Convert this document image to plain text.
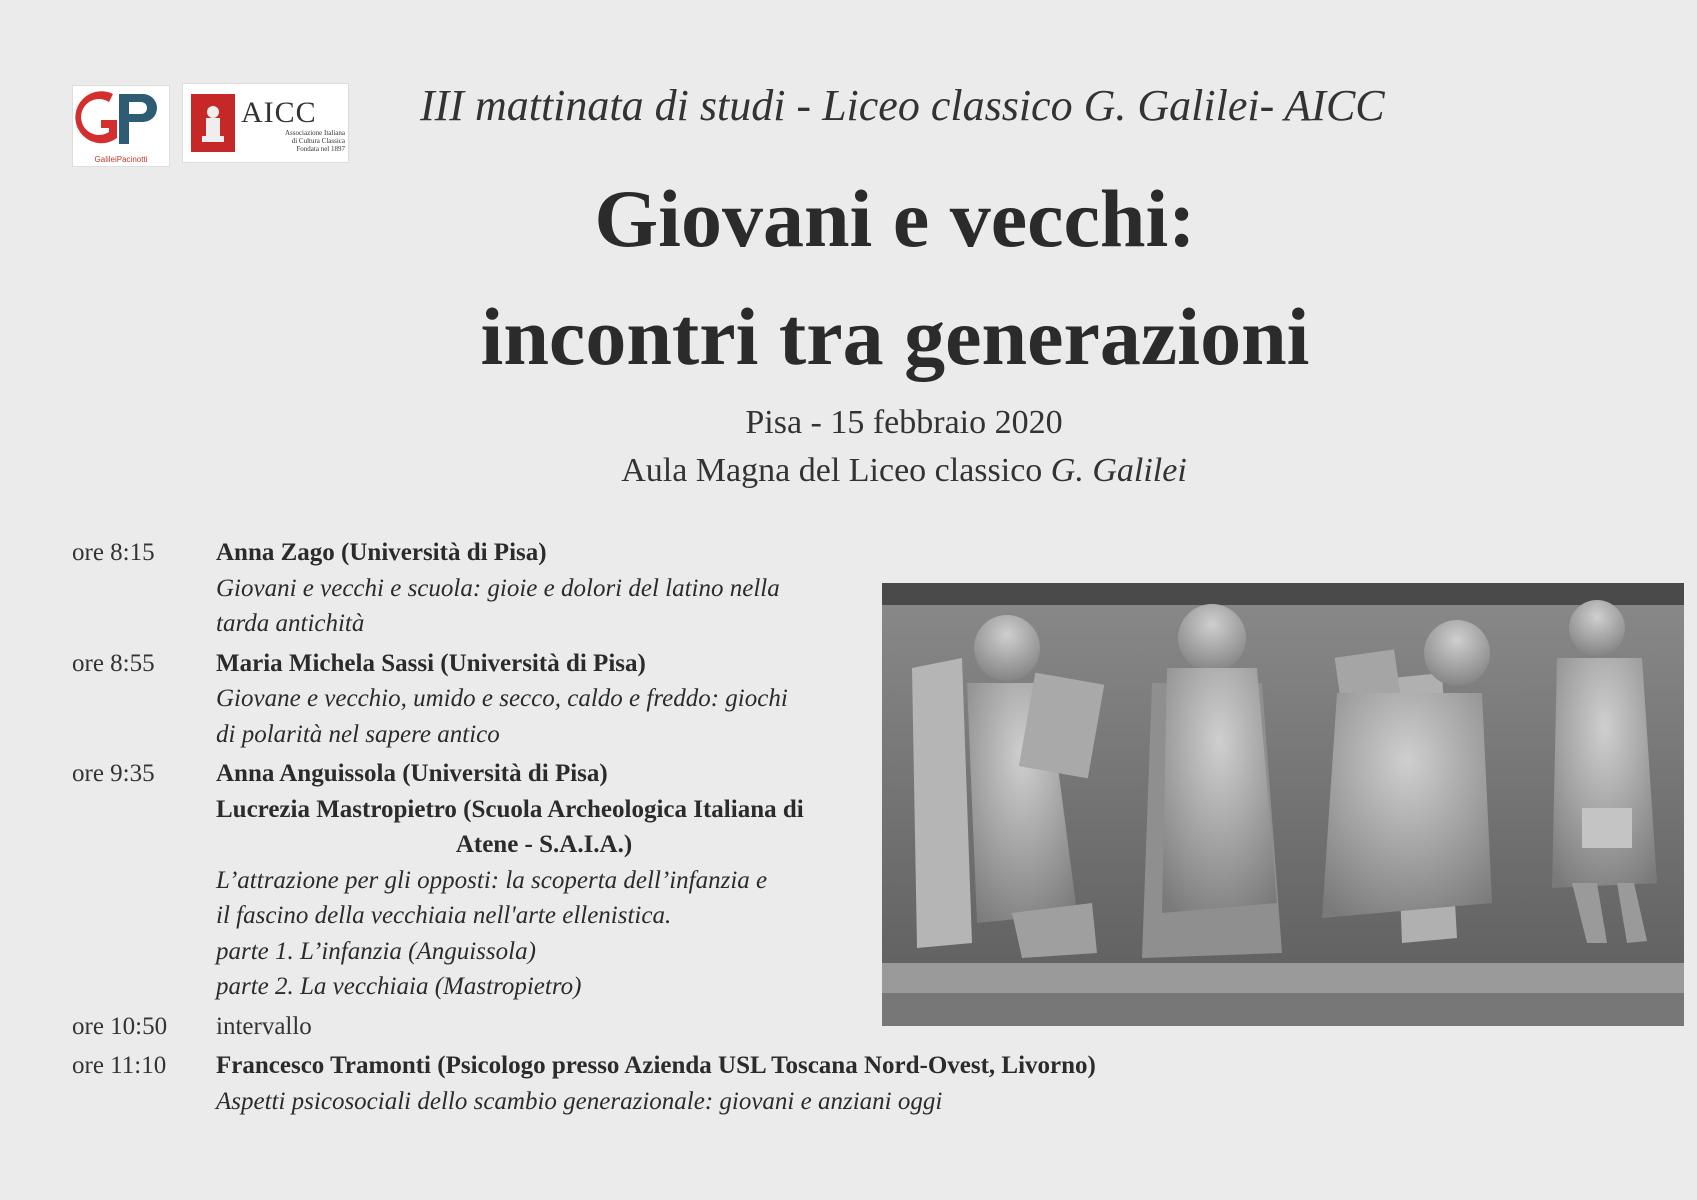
GalileiPacinotti
AICC
Associazione Italiana
di Cultura Classica
Fondata nel 1897
III mattinata di studi - Liceo classico G. Galilei- AICC
Giovani e vecchi:
incontri tra generazioni
Pisa - 15 febbraio 2020
Aula Magna del Liceo classico G. Galilei
ore 8:15	Anna Zago (Università di Pisa)
Giovani e vecchi e scuola: gioie e dolori del latino nella
tarda antichità
ore 8:55	Maria Michela Sassi (Università di Pisa)
Giovane e vecchio, umido e secco, caldo e freddo: giochi
di polarità nel sapere antico
ore 9:35	Anna Anguissola (Università di Pisa)
Lucrezia Mastropietro (Scuola Archeologica Italiana di
Atene - S.A.I.A.)
L’attrazione per gli opposti: la scoperta dell’infanzia e
il fascino della vecchiaia nell'arte ellenistica.
parte 1. L’infanzia (Anguissola)
parte 2. La vecchiaia (Mastropietro)
ore 10:50	intervallo
ore 11:10	Francesco Tramonti (Psicologo presso Azienda USL Toscana Nord-Ovest, Livorno)
Aspetti psicosociali dello scambio generazionale: giovani e anziani oggi
